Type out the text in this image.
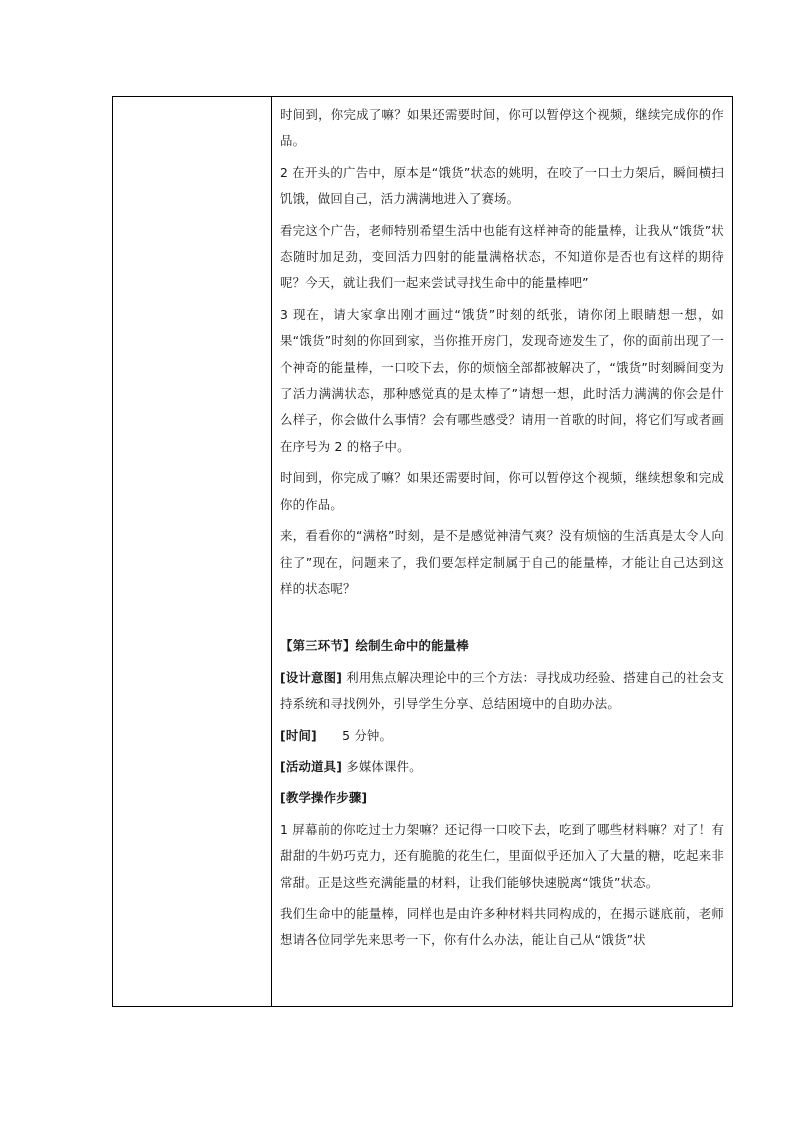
时间到，你完成了嘛？如果还需要时间，你可以暂停这个视频，继续完成你的作品。

2 在开头的广告中，原本是“饿货”状态的姚明，在咬了一口士力架后，瞬间横扫饥饿，做回自己，活力满满地进入了赛场。

看完这个广告，老师特别希望生活中也能有这样神奇的能量棒，让我从“饿货”状态随时加足劲，变回活力四射的能量满格状态，不知道你是否也有这样的期待呢？今天，就让我们一起来尝试寻找生命中的能量棒吧”

3 现在，请大家拿出刚才画过“饿货”时刻的纸张，请你闭上眼睛想一想，如果“饿货”时刻的你回到家，当你推开房门，发现奇迹发生了，你的面前出现了一个神奇的能量棒，一口咬下去，你的烦恼全部都被解决了，“饿货”时刻瞬间变为了活力满满状态，那种感觉真的是太棒了”请想一想，此时活力满满的你会是什么样子，你会做什么事情？会有哪些感受？请用一首歌的时间，将它们写或者画在序号为 2 的格子中。

时间到，你完成了嘛？如果还需要时间，你可以暂停这个视频，继续想象和完成你的作品。

来，看看你的“满格”时刻，是不是感觉神清气爽？没有烦恼的生活真是太令人向往了”现在，问题来了，我们要怎样定制属于自己的能量棒，才能让自己达到这样的状态呢？

【第三环节】绘制生命中的能量棒

[设计意图] 利用焦点解决理论中的三个方法：寻找成功经验、搭建自己的社会支持系统和寻找例外，引导学生分享、总结困境中的自助办法。

[时间]　　5 分钟。

[活动道具] 多媒体课件。

[教学操作步骤]

1 屏幕前的你吃过士力架嘛？还记得一口咬下去，吃到了哪些材料嘛？对了！有甜甜的牛奶巧克力，还有脆脆的花生仁，里面似乎还加入了大量的糖，吃起来非常甜。正是这些充满能量的材料，让我们能够快速脱离“饿货”状态。

我们生命中的能量棒，同样也是由许多种材料共同构成的，在揭示谜底前，老师想请各位同学先来思考一下，你有什么办法，能让自己从“饿货”状
